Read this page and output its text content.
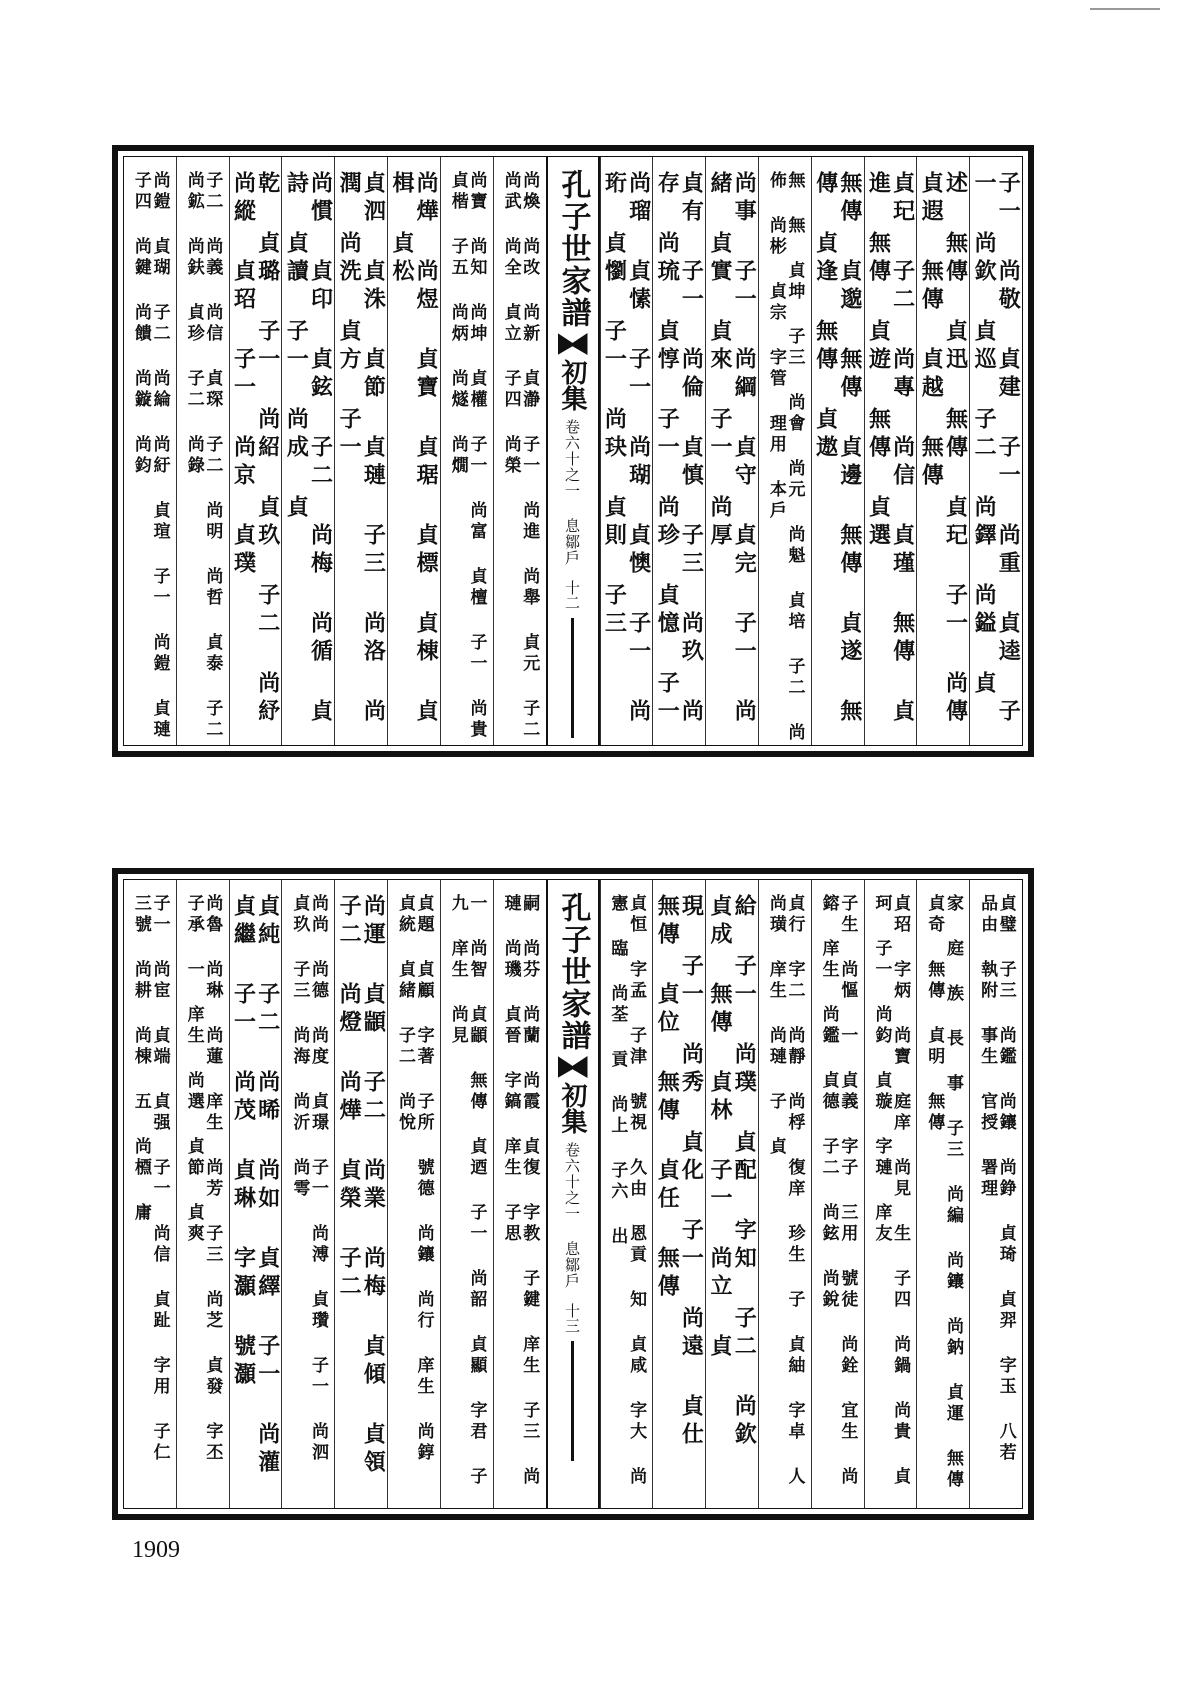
子一 尚敬 貞建 子一 尚重 貞逵 子一 尚欽 貞巡 子二 尚鐸 尚鎰 貞
述 無傳 貞迅 無傳 貞玘 子一 尚傳 貞遐 無傳 貞越 無傳
貞玘 子二 尚專 尚信 貞瑾 無傳 貞進 無傳 貞遊 無傳 貞選
無傳 貞邈 無傳 貞邊 無傳 貞遂 無傳 貞逢 無傳 貞遨
無 無 貞坤 子三 尚會 尚元 尚魁 貞培 子二 尚佈 尚彬 貞宗 字管 理用 本戶
尚事 子一 尚綱 貞守 貞完 子一 尚緒 貞實 貞來 子一 尚厚
貞有 子一 尚倫 貞慎 子三 尚玖 尚存 尚琉 貞惇 子一 尚珍 貞憶 子一
尚瑠 貞愫 子一 尚瑚 貞懊 子一 尚珩 貞懰 子一 尚玦 貞則 子三
孔子世家譜
初集
卷六十之一 息鄒戶
十二
尚煥 尚改 尚新 貞瀞 子一 尚進 尚舉 貞元 子二 尚武 尚全 貞立 子四 尚榮
尚寶 尚知 尚坤 貞權 子一 尚富 貞檀 子一 尚貴 貞楷 子五 尚炳 尚燧 尚燗
尚燁 尚煜 貞寶 貞琚 貞標 貞棟 貞楫 貞松
貞泗 貞洙 貞節 貞璉 子三 尚洛 尚潤 尚洗 貞方 子一
尚慣 貞印 貞鉉 子二 尚梅 尚循 貞詩 貞讀 子一 尚成 貞
乾 貞璐 子一 尚紹 貞玖 子二 尚紓 尚縱 貞玿 子一 尚京 貞璞
子二 尚義 尚信 貞琛 子二 尚明 尚哲 貞泰 子二 尚鉱 尚鈇 貞珍 子二 尚錄
尚鎧 貞瑚 子二 尚綸 尚紆 貞瑄 子一 尚鎧 貞璉 子四 尚鍵 尚饋 尚鏇 尚鈞
貞璧 子三 尚鑑 尚鑲 尚錚 貞琦 貞羿 字玉 八若 品由 執附 事生 官授 署理
家 庭 族 長 事 子三 尚編 尚鑲 尚鈉 貞運 無傳 貞奇 無傳 貞明 無傳
貞玿 字炳 尚寶 庭庠 尚見 生 子四 尚鍋 尚貴 貞珂 子一 尚鈞 貞璇 字璉 庠友
子生 尚慪 一 貞義 字子 三用 號徒 尚銓 宜生 尚鎔 庠生 尚鑑 貞德 子二 尚鉉 尚銳
貞行 字二 尚靜 尚桴 復庠 珍生 子 貞紬 字卓 人 尚璜 庠生 尚璉 子 貞
給 子一 尚璞 貞配 字知 子二 尚欽 貞成 無傳 貞林 子一 尚立 貞
現 子一 尚秀 貞化 子一 尚遠 貞仕 無傳 貞位 無傳 貞任 無傳
貞恒 字孟 子津 號視 久由 恩貢 知 貞咸 字大 尚憲 臨 尚荃 貢 尚上 子六 出
孔子世家譜
初集
卷六十之一 息鄒戶
十三
嗣 尚芬 尚蘭 尚霞 貞復 字教 子鍵 庠生 子三 尚璉 尚璣 貞晉 字鎬 庠生 子思
一 尚智 貞顓 無傳 貞迺 子一 尚韶 貞顯 字君 子九 庠生 尚見
貞題 貞顧 字著 子所 號德 尚鑲 尚行 庠生 尚錞 貞統 貞緒 子二 尚悅
尚運 貞顓 子二 尚業 尚梅 貞傾 貞領 子二 尚燈 尚燁 貞榮 子二
尚尚 尚德 尚度 貞璟 子一 尚溥 貞瓚 子一 尚泗 貞玖 子三 尚海 尚沂 尚雩
貞純 子二 尚晞 尚如 貞繹 子一 尚灌 貞繼 子一 尚茂 貞琳 字灝 號灝
尚魯 尚琳 尚蓮 庠生 尚芳 子三 尚芝 貞發 字丕 子承 一 庠生 尚選 貞節 貞爽
子一 尚宦 貞端 貞强 子一 尚信 貞趾 字用 子仁 三號 尚耕 尚棟 五 尚槱 庸
1909
